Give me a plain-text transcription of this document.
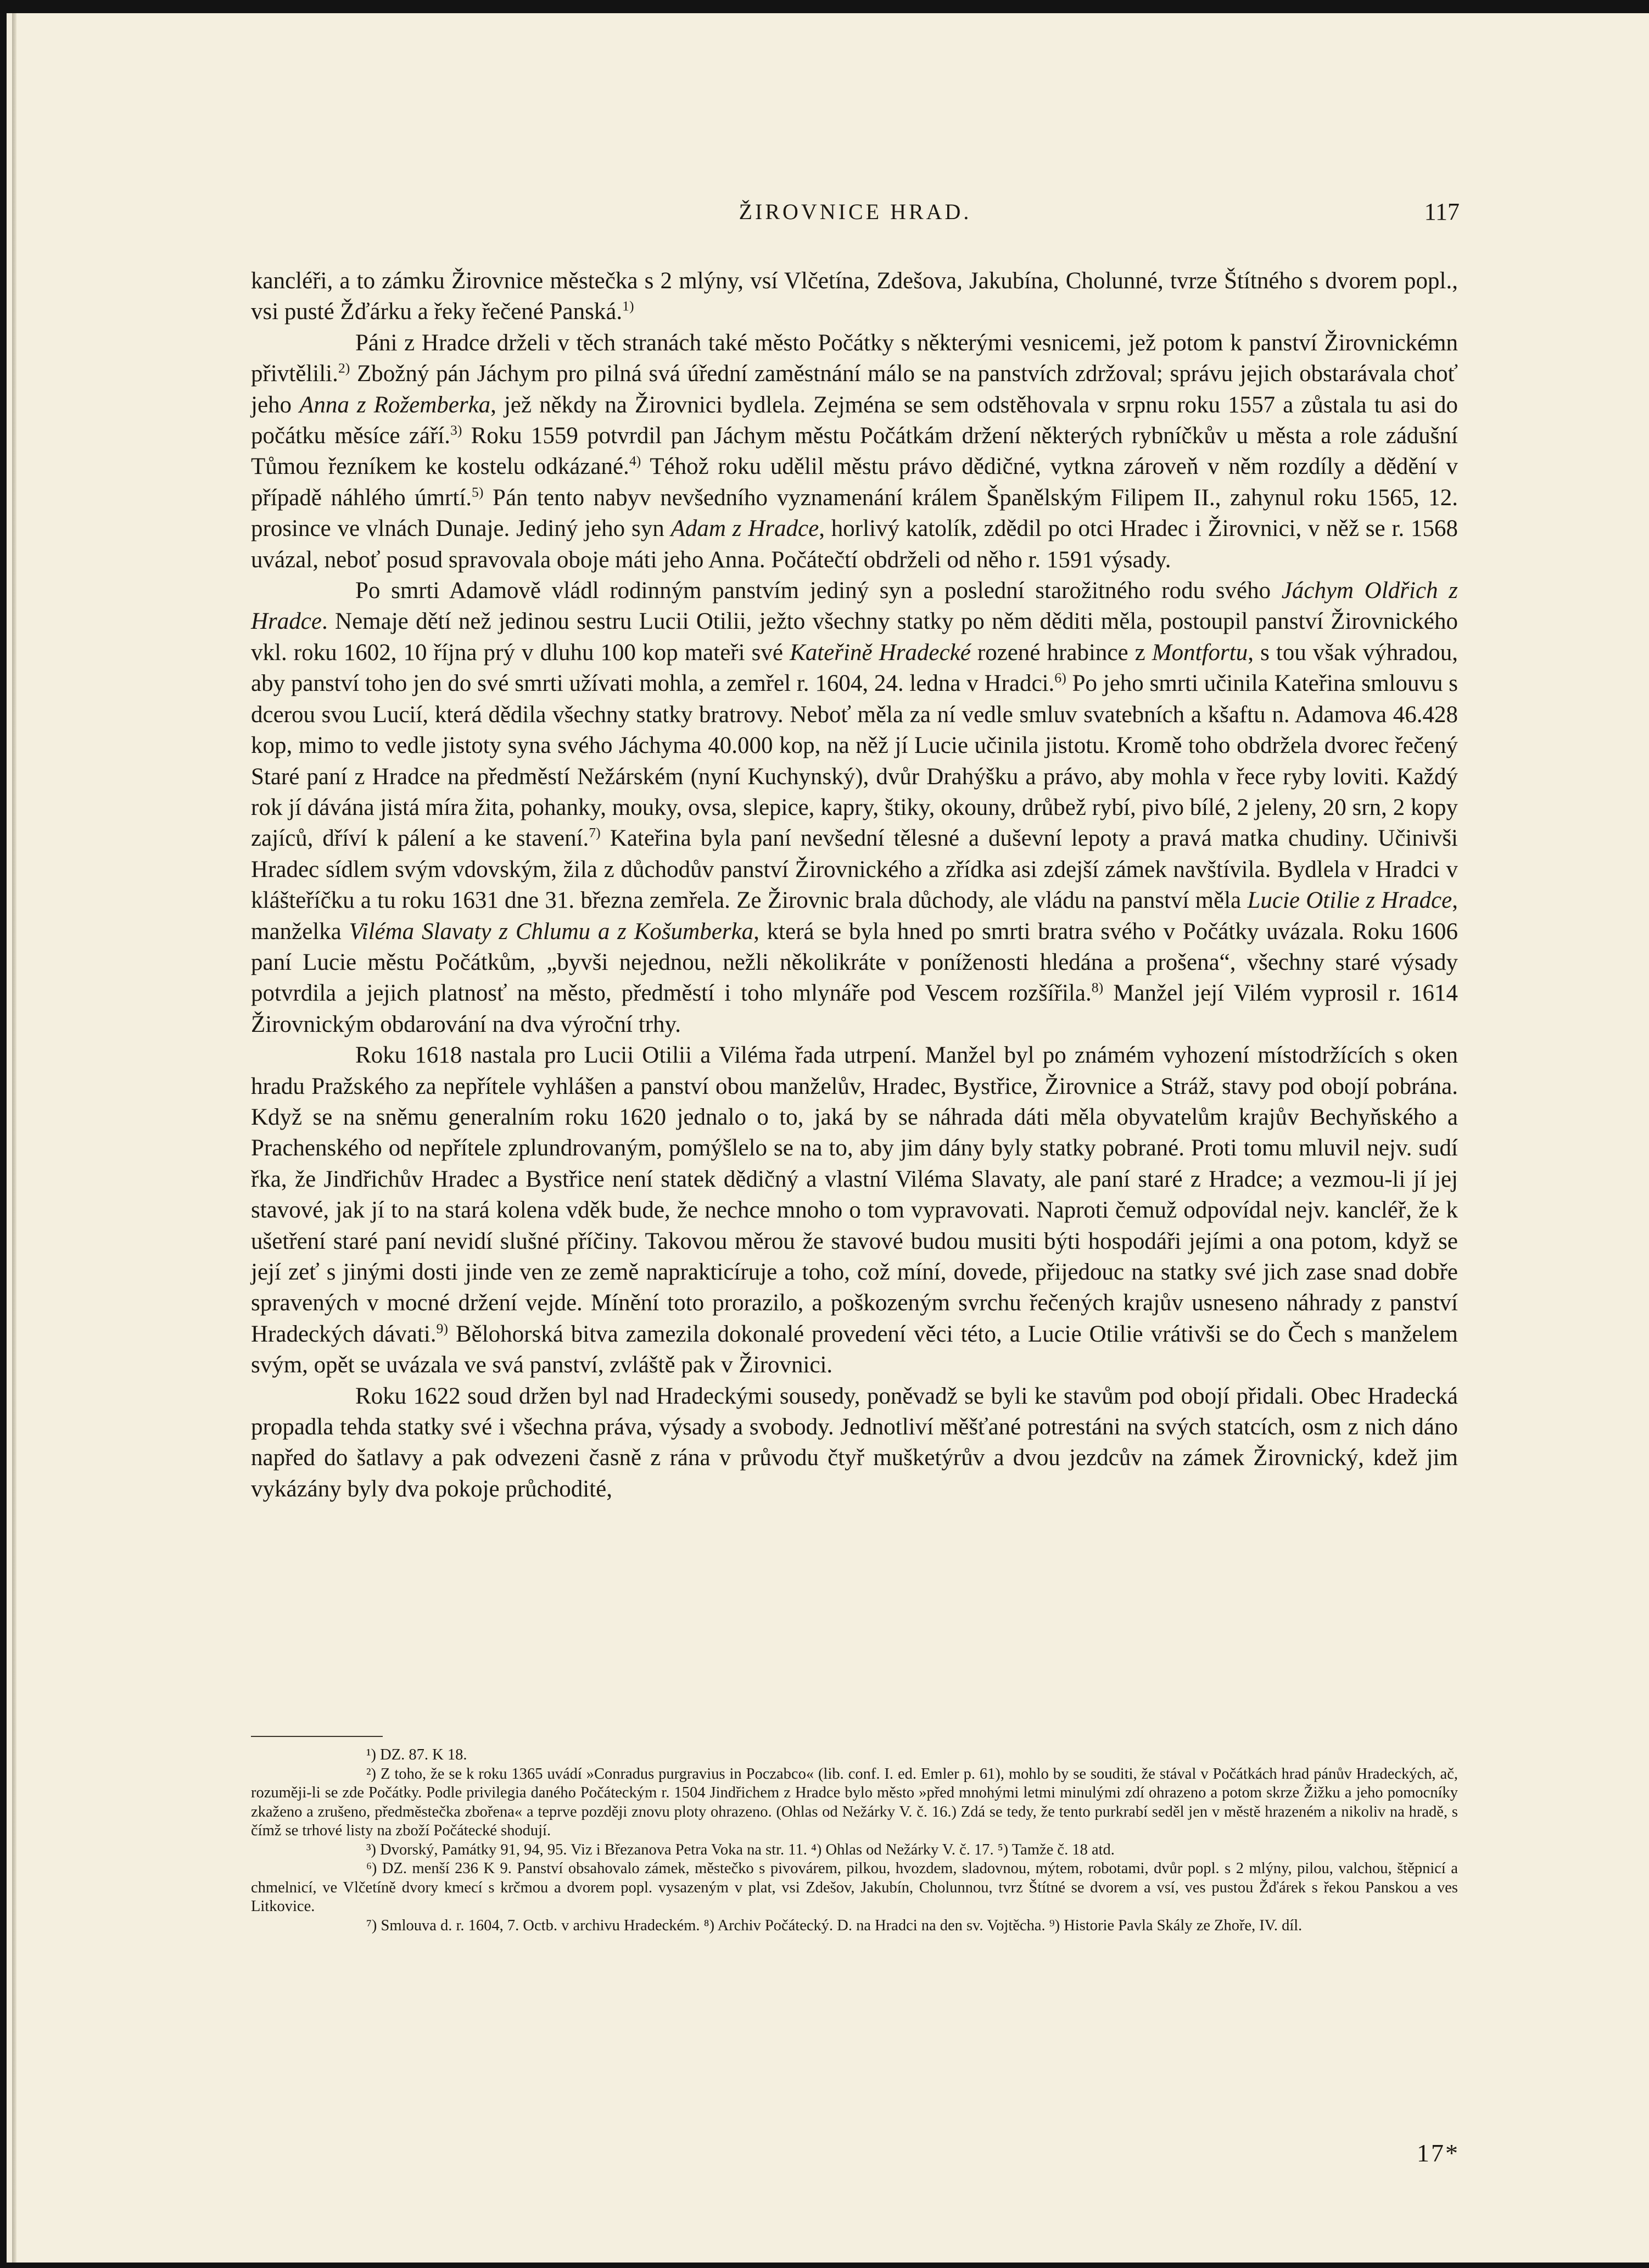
ŽIROVNICE HRAD.	117

kancléři, a to zámku Žirovnice městečka s 2 mlýny, vsí Vlčetína, Zdešova, Jakubína, Cholunné, tvrze Štítného s dvorem popl., vsi pusté Žďárku a řeky řečené Panská.$^{1)}$

Páni z Hradce drželi v těch stranách také město Počátky s některými vesnicemi, jež potom k panství Žirovnickémn přivtělili.$^{2)}$ Zbožný pán Jáchym pro pilná svá úřední zaměstnání málo se na panstvích zdržoval; správu jejich obstarávala choť jeho Anna z Rožemberka, jež někdy na Žirovnici bydlela. Zejména se sem odstěhovala v srpnu roku 1557 a zůstala tu asi do počátku měsíce září.$^{3)}$ Roku 1559 potvrdil pan Jáchym městu Počátkám držení některých rybníčkův u města a role zádušní Tůmou řezníkem ke kostelu odkázané.$^{4)}$ Téhož roku udělil městu právo dědičné, vytkna zároveň v něm rozdíly a dědění v případě náhlého úmrtí.$^{5)}$ Pán tento nabyv nevšedního vyznamenání králem Španělským Filipem II., zahynul roku 1565, 12. prosince ve vlnách Dunaje. Jediný jeho syn Adam z Hradce, horlivý katolík, zdědil po otci Hradec i Žirovnici, v něž se r. 1568 uvázal, neboť posud spravovala oboje máti jeho Anna. Počátečtí obdrželi od něho r. 1591 výsady.

Po smrti Adamově vládl rodinným panstvím jediný syn a poslední starožitného rodu svého Jáchym Oldřich z Hradce. Nemaje dětí než jedinou sestru Lucii Otilii, ježto všechny statky po něm děditi měla, postoupil panství Žirovnického vkl. roku 1602, 10 října prý v dluhu 100 kop mateři své Kateřině Hradecké rozené hrabince z Montfortu, s tou však výhradou, aby panství toho jen do své smrti užívati mohla, a zemřel r. 1604, 24. ledna v Hradci.$^{6)}$ Po jeho smrti učinila Kateřina smlouvu s dcerou svou Lucií, která dědila všechny statky bratrovy. Neboť měla za ní vedle smluv svatebních a kšaftu n. Adamova 46.428 kop, mimo to vedle jistoty syna svého Jáchyma 40.000 kop, na něž jí Lucie učinila jistotu. Kromě toho obdržela dvorec řečený Staré paní z Hradce na předměstí Nežárském (nyní Kuchynský), dvůr Drahýšku a právo, aby mohla v řece ryby loviti. Každý rok jí dávána jistá míra žita, pohanky, mouky, ovsa, slepice, kapry, štiky, okouny, drůbež rybí, pivo bílé, 2 jeleny, 20 srn, 2 kopy zajíců, dříví k pálení a ke stavení.$^{7)}$ Kateřina byla paní nevšední tělesné a duševní lepoty a pravá matka chudiny. Učinivši Hradec sídlem svým vdovským, žila z důchodův panství Žirovnického a zřídka asi zdejší zámek navštívila. Bydlela v Hradci v klášteříčku a tu roku 1631 dne 31. března zemřela. Ze Žirovnic brala důchody, ale vládu na panství měla Lucie Otilie z Hradce, manželka Viléma Slavaty z Chlumu a z Košumberka, která se byla hned po smrti bratra svého v Počátky uvázala. Roku 1606 paní Lucie městu Počátkům, „byvši nejednou, nežli několikráte v poníženosti hledána a prošena“, všechny staré výsady potvrdila a jejich platnosť na město, předměstí i toho mlynáře pod Vescem rozšířila.$^{8)}$ Manžel její Vilém vyprosil r. 1614 Žirovnickým obdarování na dva výroční trhy.

Roku 1618 nastala pro Lucii Otilii a Viléma řada utrpení. Manžel byl po známém vyhození místodržících s oken hradu Pražského za nepřítele vyhlášen a panství obou manželův, Hradec, Bystřice, Žirovnice a Stráž, stavy pod obojí pobrána. Když se na sněmu generalním roku 1620 jednalo o to, jaká by se náhrada dáti měla obyvatelům krajův Bechyňského a Prachenského od nepřítele zplundrovaným, pomýšlelo se na to, aby jim dány byly statky pobrané. Proti tomu mluvil nejv. sudí řka, že Jindřichův Hradec a Bystřice není statek dědičný a vlastní Viléma Slavaty, ale paní staré z Hradce; a vezmou-li jí jej stavové, jak jí to na stará kolena vděk bude, že nechce mnoho o tom vypravovati. Naproti čemuž odpovídal nejv. kancléř, že k ušetření staré paní nevidí slušné příčiny. Takovou měrou že stavové budou musiti býti hospodáři jejími a ona potom, když se její zeť s jinými dosti jinde ven ze země naprakticíruje a toho, což míní, dovede, přijedouc na statky své jich zase snad dobře spravených v mocné držení vejde. Mínění toto prorazilo, a poškozeným svrchu řečených krajův usneseno náhrady z panství Hradeckých dávati.$^{9)}$ Bělohorská bitva zamezila dokonalé provedení věci této, a Lucie Otilie vrátivši se do Čech s manželem svým, opět se uvázala ve svá panství, zvláště pak v Žirovnici.

Roku 1622 soud držen byl nad Hradeckými sousedy, poněvadž se byli ke stavům pod obojí přidali. Obec Hradecká propadla tehda statky své i všechna práva, výsady a svobody. Jednotliví měšťané potrestáni na svých statcích, osm z nich dáno napřed do šatlavy a pak odvezeni časně z rána v průvodu čtyř mušketýrův a dvou jezdcův na zámek Žirovnický, kdež jim vykázány byly dva pokoje průchodité,

¹) DZ. 87. K 18.

²) Z toho, že se k roku 1365 uvádí »Conradus purgravius in Poczabco« (lib. conf. I. ed. Emler p. 61), mohlo by se souditi, že stával v Počátkách hrad pánův Hradeckých, ač, rozuměji-li se zde Počátky. Podle privilegia daného Počáteckým r. 1504 Jindřichem z Hradce bylo město »před mnohými letmi minulými zdí ohrazeno a potom skrze Žižku a jeho pomocníky zkaženo a zrušeno, předměstečka zbořena« a teprve později znovu ploty ohrazeno. (Ohlas od Nežárky V. č. 16.) Zdá se tedy, že tento purkrabí seděl jen v městě hrazeném a nikoliv na hradě, s čímž se trhové listy na zboží Počátecké shodují.

³) Dvorský, Památky 91, 94, 95. Viz i Březanova Petra Voka na str. 11. ⁴) Ohlas od Nežárky V. č. 17. ⁵) Tamže č. 18 atd.

⁶) DZ. menší 236 K 9. Panství obsahovalo zámek, městečko s pivovárem, pilkou, hvozdem, sladovnou, mýtem, robotami, dvůr popl. s 2 mlýny, pilou, valchou, štěpnicí a chmelnicí, ve Vlčetíně dvory kmecí s krčmou a dvorem popl. vysazeným v plat, vsi Zdešov, Jakubín, Cholunnou, tvrz Štítné se dvorem a vsí, ves pustou Žďárek s řekou Panskou a ves Litkovice.

⁷) Smlouva d. r. 1604, 7. Octb. v archivu Hradeckém. ⁸) Archiv Počátecký. D. na Hradci na den sv. Vojtěcha. ⁹) Historie Pavla Skály ze Zhoře, IV. díl.

17*
